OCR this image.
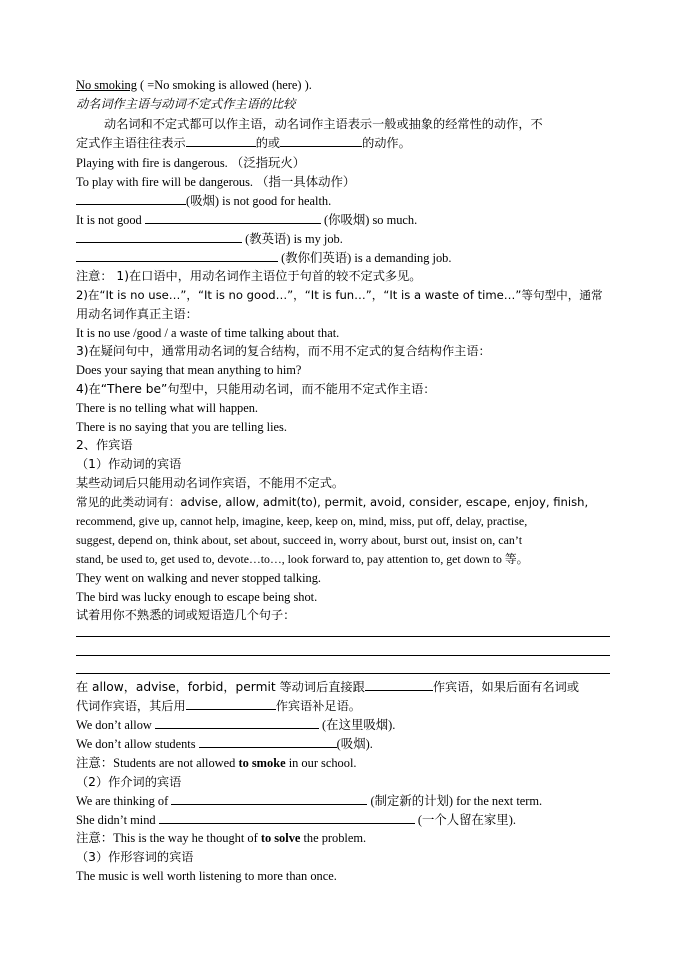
No smoking ( =No smoking is allowed (here) ).
动名词作主语与动词不定式作主语的比较
动名词和不定式都可以作主语，动名词作主语表示一般或抽象的经常性的动作，不
定式作主语往往表示	的或	的动作。
Playing with fire is dangerous. （泛指玩火）
To play with fire will be dangerous. （指一具体动作）
(吸烟) is not good for health.
It is not good	(你吸烟) so much.
(教英语) is my job.
(教你们英语) is a demanding job.
注意： 1)在口语中，用动名词作主语位于句首的较不定式多见。
2)在“It is no use…”，“It is no good…”，“It is fun…”，“It is a waste of time…”等句型中，通常
用动名词作真正主语：
It is no use /good / a waste of time talking about that.
3)在疑问句中，通常用动名词的复合结构，而不用不定式的复合结构作主语：
Does your saying that mean anything to him?
4)在“There be”句型中，只能用动名词，而不能用不定式作主语：
There is no telling what will happen.
There is no saying that you are telling lies.
2、作宾语
（1）作动词的宾语
某些动词后只能用动名词作宾语，不能用不定式。
常见的此类动词有：advise, allow, admit(to), permit, avoid, consider, escape, enjoy, finish,
recommend, give up, cannot help, imagine, keep, keep on, mind, miss, put off, delay, practise,
suggest, depend on, think about, set about, succeed in, worry about, burst out, insist on, can’t
stand, be used to, get used to, devote…to…, look forward to, pay attention to, get down to 等。
They went on walking and never stopped talking.
The bird was lucky enough to escape being shot.
试着用你不熟悉的词或短语造几个句子：
在 allow，advise，forbid，permit 等动词后直接跟	作宾语，如果后面有名词或
代词作宾语，其后用	作宾语补足语。
We don’t allow	(在这里吸烟).
We don’t allow students	(吸烟).
注意：Students are not allowed to smoke in our school.
（2）作介词的宾语
We are thinking of	(制定新的计划) for the next term.
She didn’t mind	(一个人留在家里).
注意：This is the way he thought of to solve the problem.
（3）作形容词的宾语
The music is well worth listening to more than once.
